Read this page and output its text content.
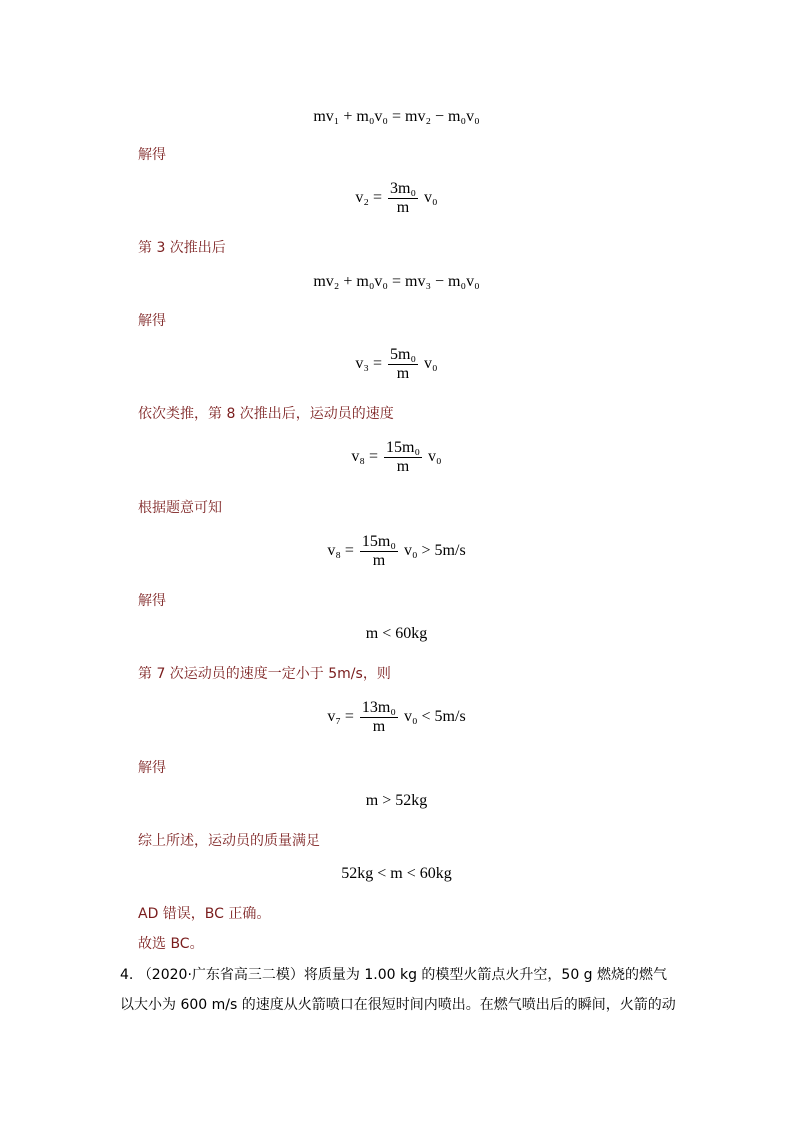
mv₁ + m₀v₀ = mv₂ − m₀v₀
解得
$v_2 = \frac{\text{3m₀}}{m} v_0$
第 3 次推出后
mv₂ + m₀v₀ = mv₃ − m₀v₀
解得
$v_3 = \frac{\text{5m₀}}{m} v_0$
依次类推，第 8 次推出后，运动员的速度
$v_8 = \frac{\text{15m₀}}{m} v_0$
根据题意可知
$v_8 = \frac{\text{15m₀}}{m} v_0 > 5m/s$
解得
m < 60kg
第 7 次运动员的速度一定小于 5m/s，则
$v_7 = \frac{\text{13m₀}}{m} v_0 < 5m/s$
解得
m > 52kg
综上所述，运动员的质量满足
52kg < m < 60kg
AD 错误，BC 正确。
故选 BC。
4. （2020·广东省高三二模）将质量为 1.00 kg 的模型火箭点火升空，50 g 燃烧的燃气以大小为 600 m/s 的速度从火箭喷口在很短时间内喷出。在燃气喷出后的瞬间，火箭的动
